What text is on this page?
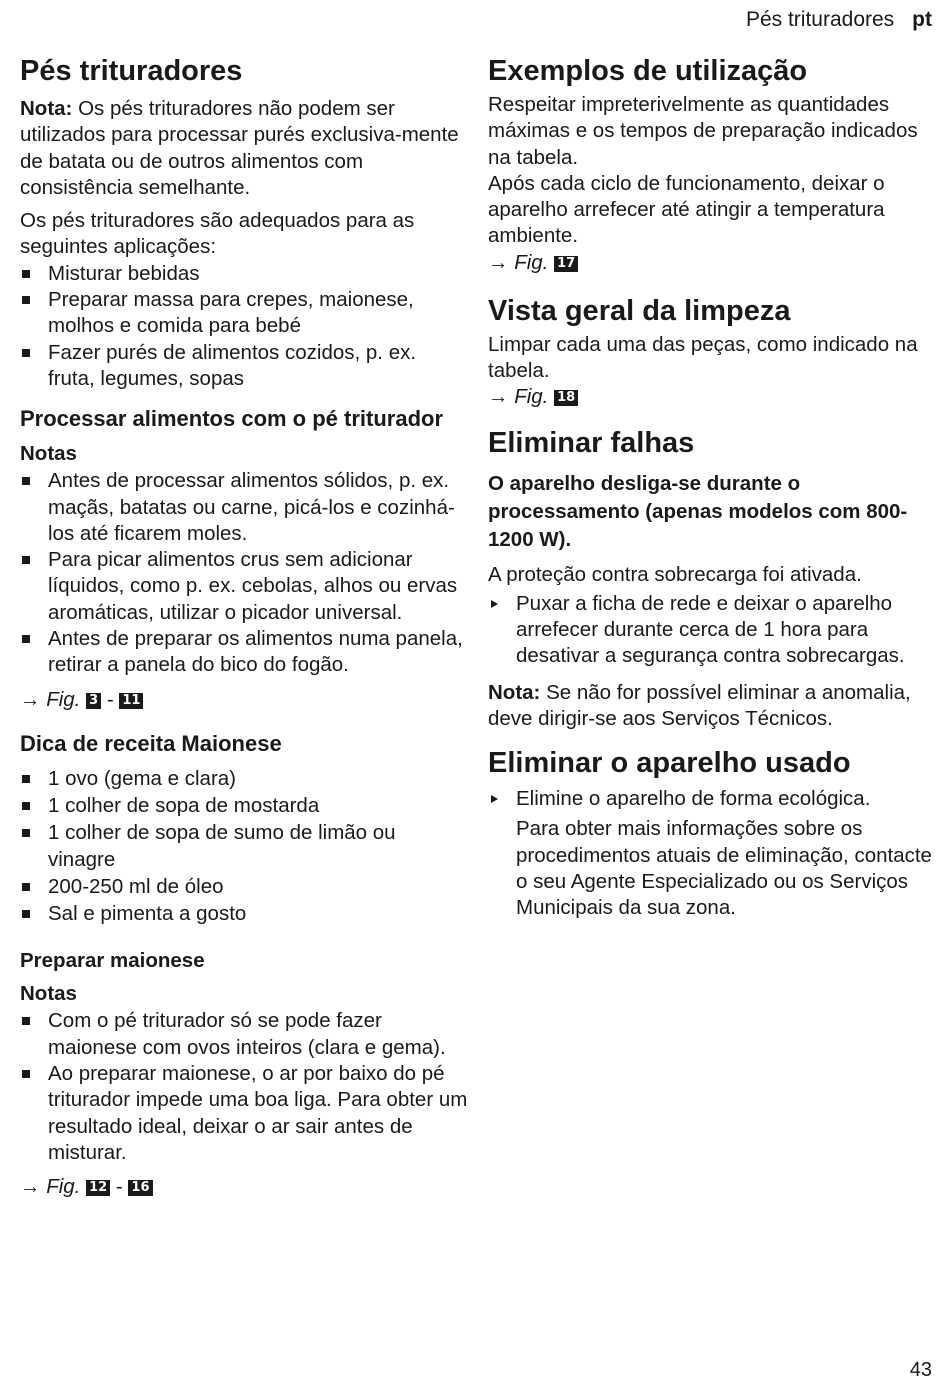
Pés trituradores pt
Pés trituradores

Nota: Os pés trituradores não podem ser utilizados para processar purés exclusiva-mente de batata ou de outros alimentos com consistência semelhante.

Os pés trituradores são adequados para as seguintes aplicações:

Misturar bebidas
Preparar massa para crepes, maionese, molhos e comida para bebé
Fazer purés de alimentos cozidos, p. ex. fruta, legumes, sopas
Processar alimentos com o pé triturador
Notas
Antes de processar alimentos sólidos, p. ex. maçãs, batatas ou carne, picá-los e cozinhá-los até ficarem moles.
Para picar alimentos crus sem adicionar líquidos, como p. ex. cebolas, alhos ou ervas aromáticas, utilizar o picador universal.
Antes de preparar os alimentos numa panela, retirar a panela do bico do fogão.
→ Fig. 3 - 11
Dica de receita Maionese
1 ovo (gema e clara)
1 colher de sopa de mostarda
1 colher de sopa de sumo de limão ou vinagre
200-250 ml de óleo
Sal e pimenta a gosto
Preparar maionese
Notas
Com o pé triturador só se pode fazer maionese com ovos inteiros (clara e gema).
Ao preparar maionese, o ar por baixo do pé triturador impede uma boa liga. Para obter um resultado ideal, deixar o ar sair antes de misturar.
→ Fig. 12 - 16
Exemplos de utilização

Respeitar impreterivelmente as quantidades máximas e os tempos de preparação indicados na tabela.

Após cada ciclo de funcionamento, deixar o aparelho arrefecer até atingir a temperatura ambiente.

→ Fig. 17
Vista geral da limpeza

Limpar cada uma das peças, como indicado na tabela.

→ Fig. 18
Eliminar falhas
O aparelho desliga-se durante o processamento (apenas modelos com 800-1200 W).

A proteção contra sobrecarga foi ativada.

Puxar a ficha de rede e deixar o aparelho arrefecer durante cerca de 1 hora para desativar a segurança contra sobrecargas.

Nota: Se não for possível eliminar a anomalia, deve dirigir-se aos Serviços Técnicos.

Eliminar o aparelho usado
Elimine o aparelho de forma ecológica.

Para obter mais informações sobre os procedimentos atuais de eliminação, contacte o seu Agente Especializado ou os Serviços Municipais da sua zona.

43
